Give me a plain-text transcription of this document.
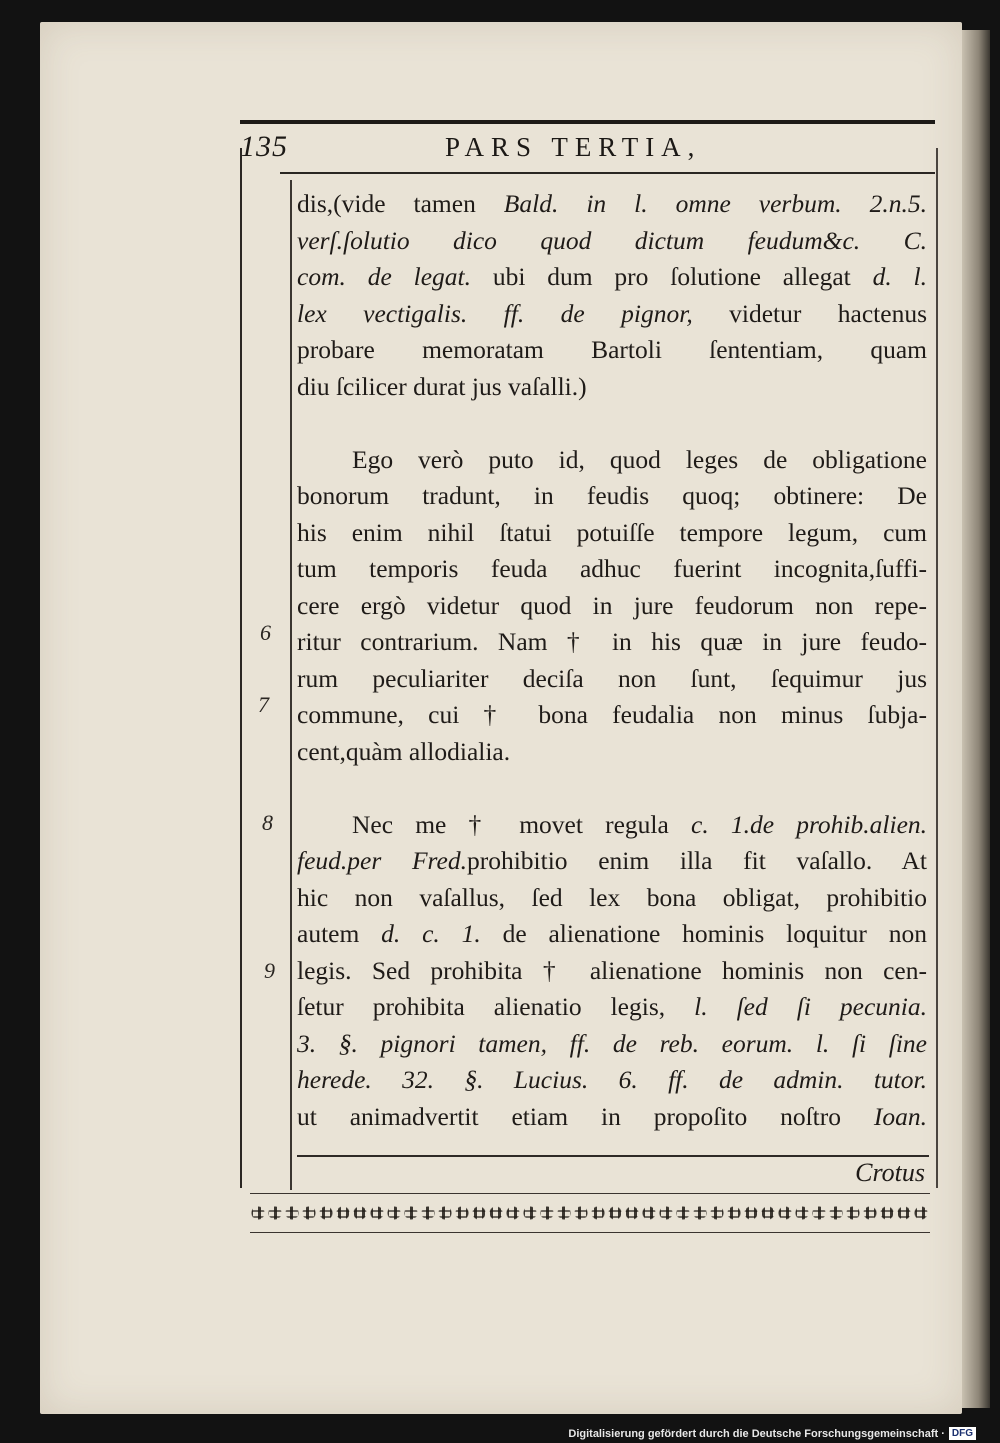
135	PARS TERTIA,
6
7
8
9
dis,(vide tamen Bald. in l. omne verbum. 2.n.5.
verſ.ſolutio dico quod dictum feudum&c. C.
com. de legat. ubi dum pro ſolutione allegat d. l.
lex vectigalis. ff. de pignor, videtur hactenus
probare memoratam Bartoli ſententiam, quam
diu ſcilicer durat jus vaſalli.)
Ego verò puto id, quod leges de obligatione
bonorum tradunt, in feudis quoq; obtinere: De
his enim nihil ſtatui potuiſſe tempore legum, cum
tum temporis feuda adhuc fuerint incognita,ſuffi-
cere ergò videtur quod in jure feudorum non repe-
ritur contrarium. Nam † in his quæ in jure feudo-
rum peculiariter deciſa non ſunt, ſequimur jus
commune, cui † bona feudalia non minus ſubja-
cent,quàm allodialia.
Nec me † movet regula c. 1.de prohib.alien.
feud.per Fred.prohibitio enim illa fit vaſallo. At
hic non vaſallus, ſed lex bona obligat, prohibitio
autem d. c. 1. de alienatione hominis loquitur non
legis. Sed prohibita † alienatione hominis non cen-
ſetur prohibita alienatio legis, l. ſed ſi pecunia.
3. §. pignori tamen, ff. de reb. eorum. l. ſi ſine
herede. 32. §. Lucius. 6. ff. de admin. tutor.
ut animadvertit etiam in propoſito noſtro Ioan.
Crotus
Digitalisierung gefördert durch die Deutsche Forschungsgemeinschaft · DFG
